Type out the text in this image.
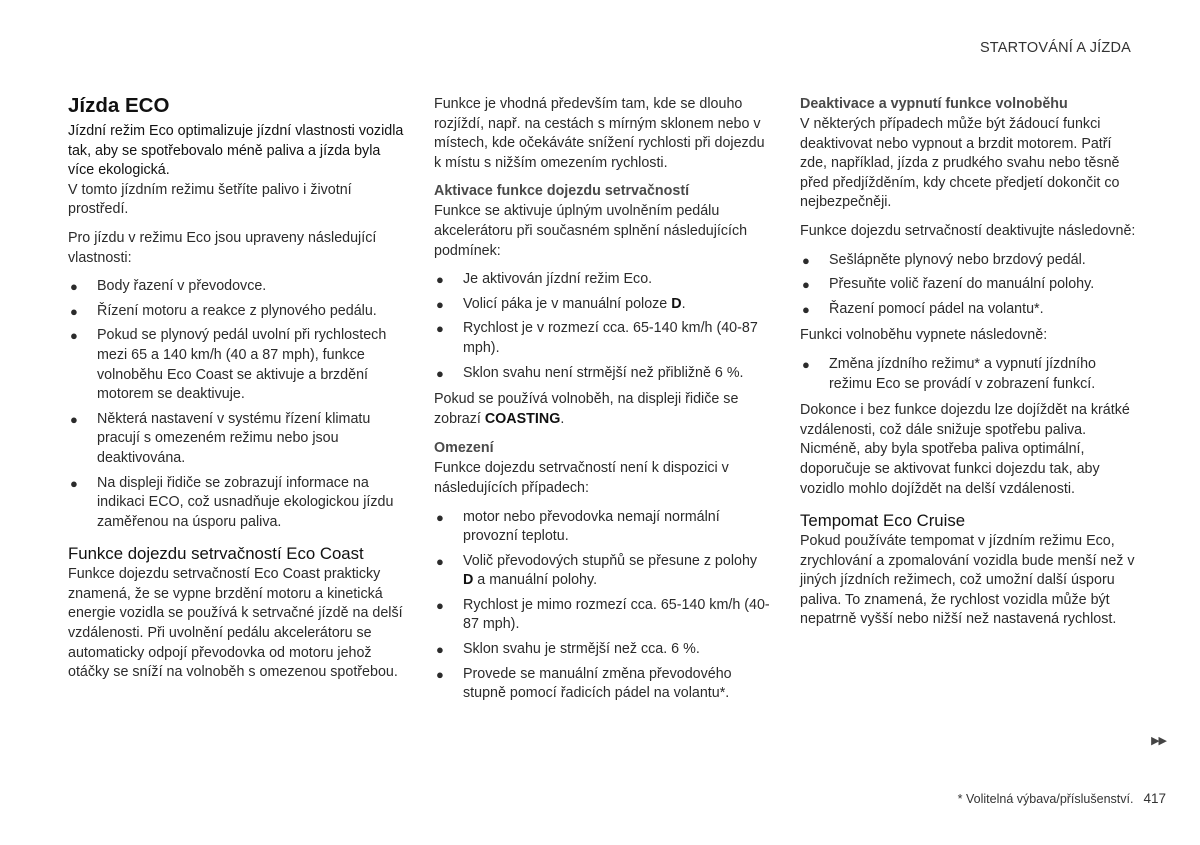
STARTOVÁNÍ A JÍZDA
Jízda ECO

Jízdní režim Eco optimalizuje jízdní vlastnosti vozidla tak, aby se spotřebovalo méně paliva a jízda byla více ekologická.

V tomto jízdním režimu šetříte palivo i životní prostředí.

Pro jízdu v režimu Eco jsou upraveny následující vlastnosti:

● Body řazení v převodovce.
● Řízení motoru a reakce z plynového pedálu.
● Pokud se plynový pedál uvolní při rychlostech mezi 65 a 140 km/h (40 a 87 mph), funkce volnoběhu Eco Coast se aktivuje a brzdění motorem se deaktivuje.
● Některá nastavení v systému řízení klimatu pracují s omezeném režimu nebo jsou deaktivována.
● Na displeji řidiče se zobrazují informace na indikaci ECO, což usnadňuje ekologickou jízdu zaměřenou na úsporu paliva.
Funkce dojezdu setrvačností Eco Coast

Funkce dojezdu setrvačností Eco Coast prakticky znamená, že se vypne brzdění motoru a kinetická energie vozidla se používá k setrvačné jízdě na delší vzdálenosti. Při uvolnění pedálu akcelerátoru se automaticky odpojí převodovka od motoru jehož otáčky se sníží na volnoběh s omezenou spotřebou.

Funkce je vhodná především tam, kde se dlouho rozjíždí, např. na cestách s mírným sklonem nebo v místech, kde očekáváte snížení rychlosti při dojezdu k místu s nižším omezením rychlosti.

Aktivace funkce dojezdu setrvačností

Funkce se aktivuje úplným uvolněním pedálu akcelerátoru při současném splnění následujících podmínek:

● Je aktivován jízdní režim Eco.
● Volicí páka je v manuální poloze D.
● Rychlost je v rozmezí cca. 65-140 km/h (40-87 mph).
● Sklon svahu není strmější než přibližně 6 %.

Pokud se používá volnoběh, na displeji řidiče se zobrazí COASTING.

Omezení

Funkce dojezdu setrvačností není k dispozici v následujících případech:

● motor nebo převodovka nemají normální provozní teplotu.
● Volič převodových stupňů se přesune z polohy D a manuální polohy.
● Rychlost je mimo rozmezí cca. 65-140 km/h (40-87 mph).
● Sklon svahu je strmější než cca. 6 %.
● Provede se manuální změna převodového stupně pomocí řadicích pádel na volantu*.
Deaktivace a vypnutí funkce volnoběhu

V některých případech může být žádoucí funkci deaktivovat nebo vypnout a brzdit motorem. Patří zde, například, jízda z prudkého svahu nebo těsně před předjížděním, kdy chcete předjetí dokončit co nejbezpečněji.

Funkce dojezdu setrvačností deaktivujte následovně:

● Sešlápněte plynový nebo brzdový pedál.
● Přesuňte volič řazení do manuální polohy.
● Řazení pomocí pádel na volantu*.

Funkci volnoběhu vypnete následovně:

● Změna jízdního režimu* a vypnutí jízdního režimu Eco se provádí v zobrazení funkcí.

Dokonce i bez funkce dojezdu lze dojíždět na krátké vzdálenosti, což dále snižuje spotřebu paliva. Nicméně, aby byla spotřeba paliva optimální, doporučuje se aktivovat funkci dojezdu tak, aby vozidlo mohlo dojíždět na delší vzdálenosti.

Tempomat Eco Cruise

Pokud používáte tempomat v jízdním režimu Eco, zrychlování a zpomalování vozidla bude menší než v jiných jízdních režimech, což umožní další úsporu paliva. To znamená, že rychlost vozidla může být nepatrně vyšší nebo nižší než nastavená rychlost.

▶▶
* Volitelná výbava/příslušenství. 417
